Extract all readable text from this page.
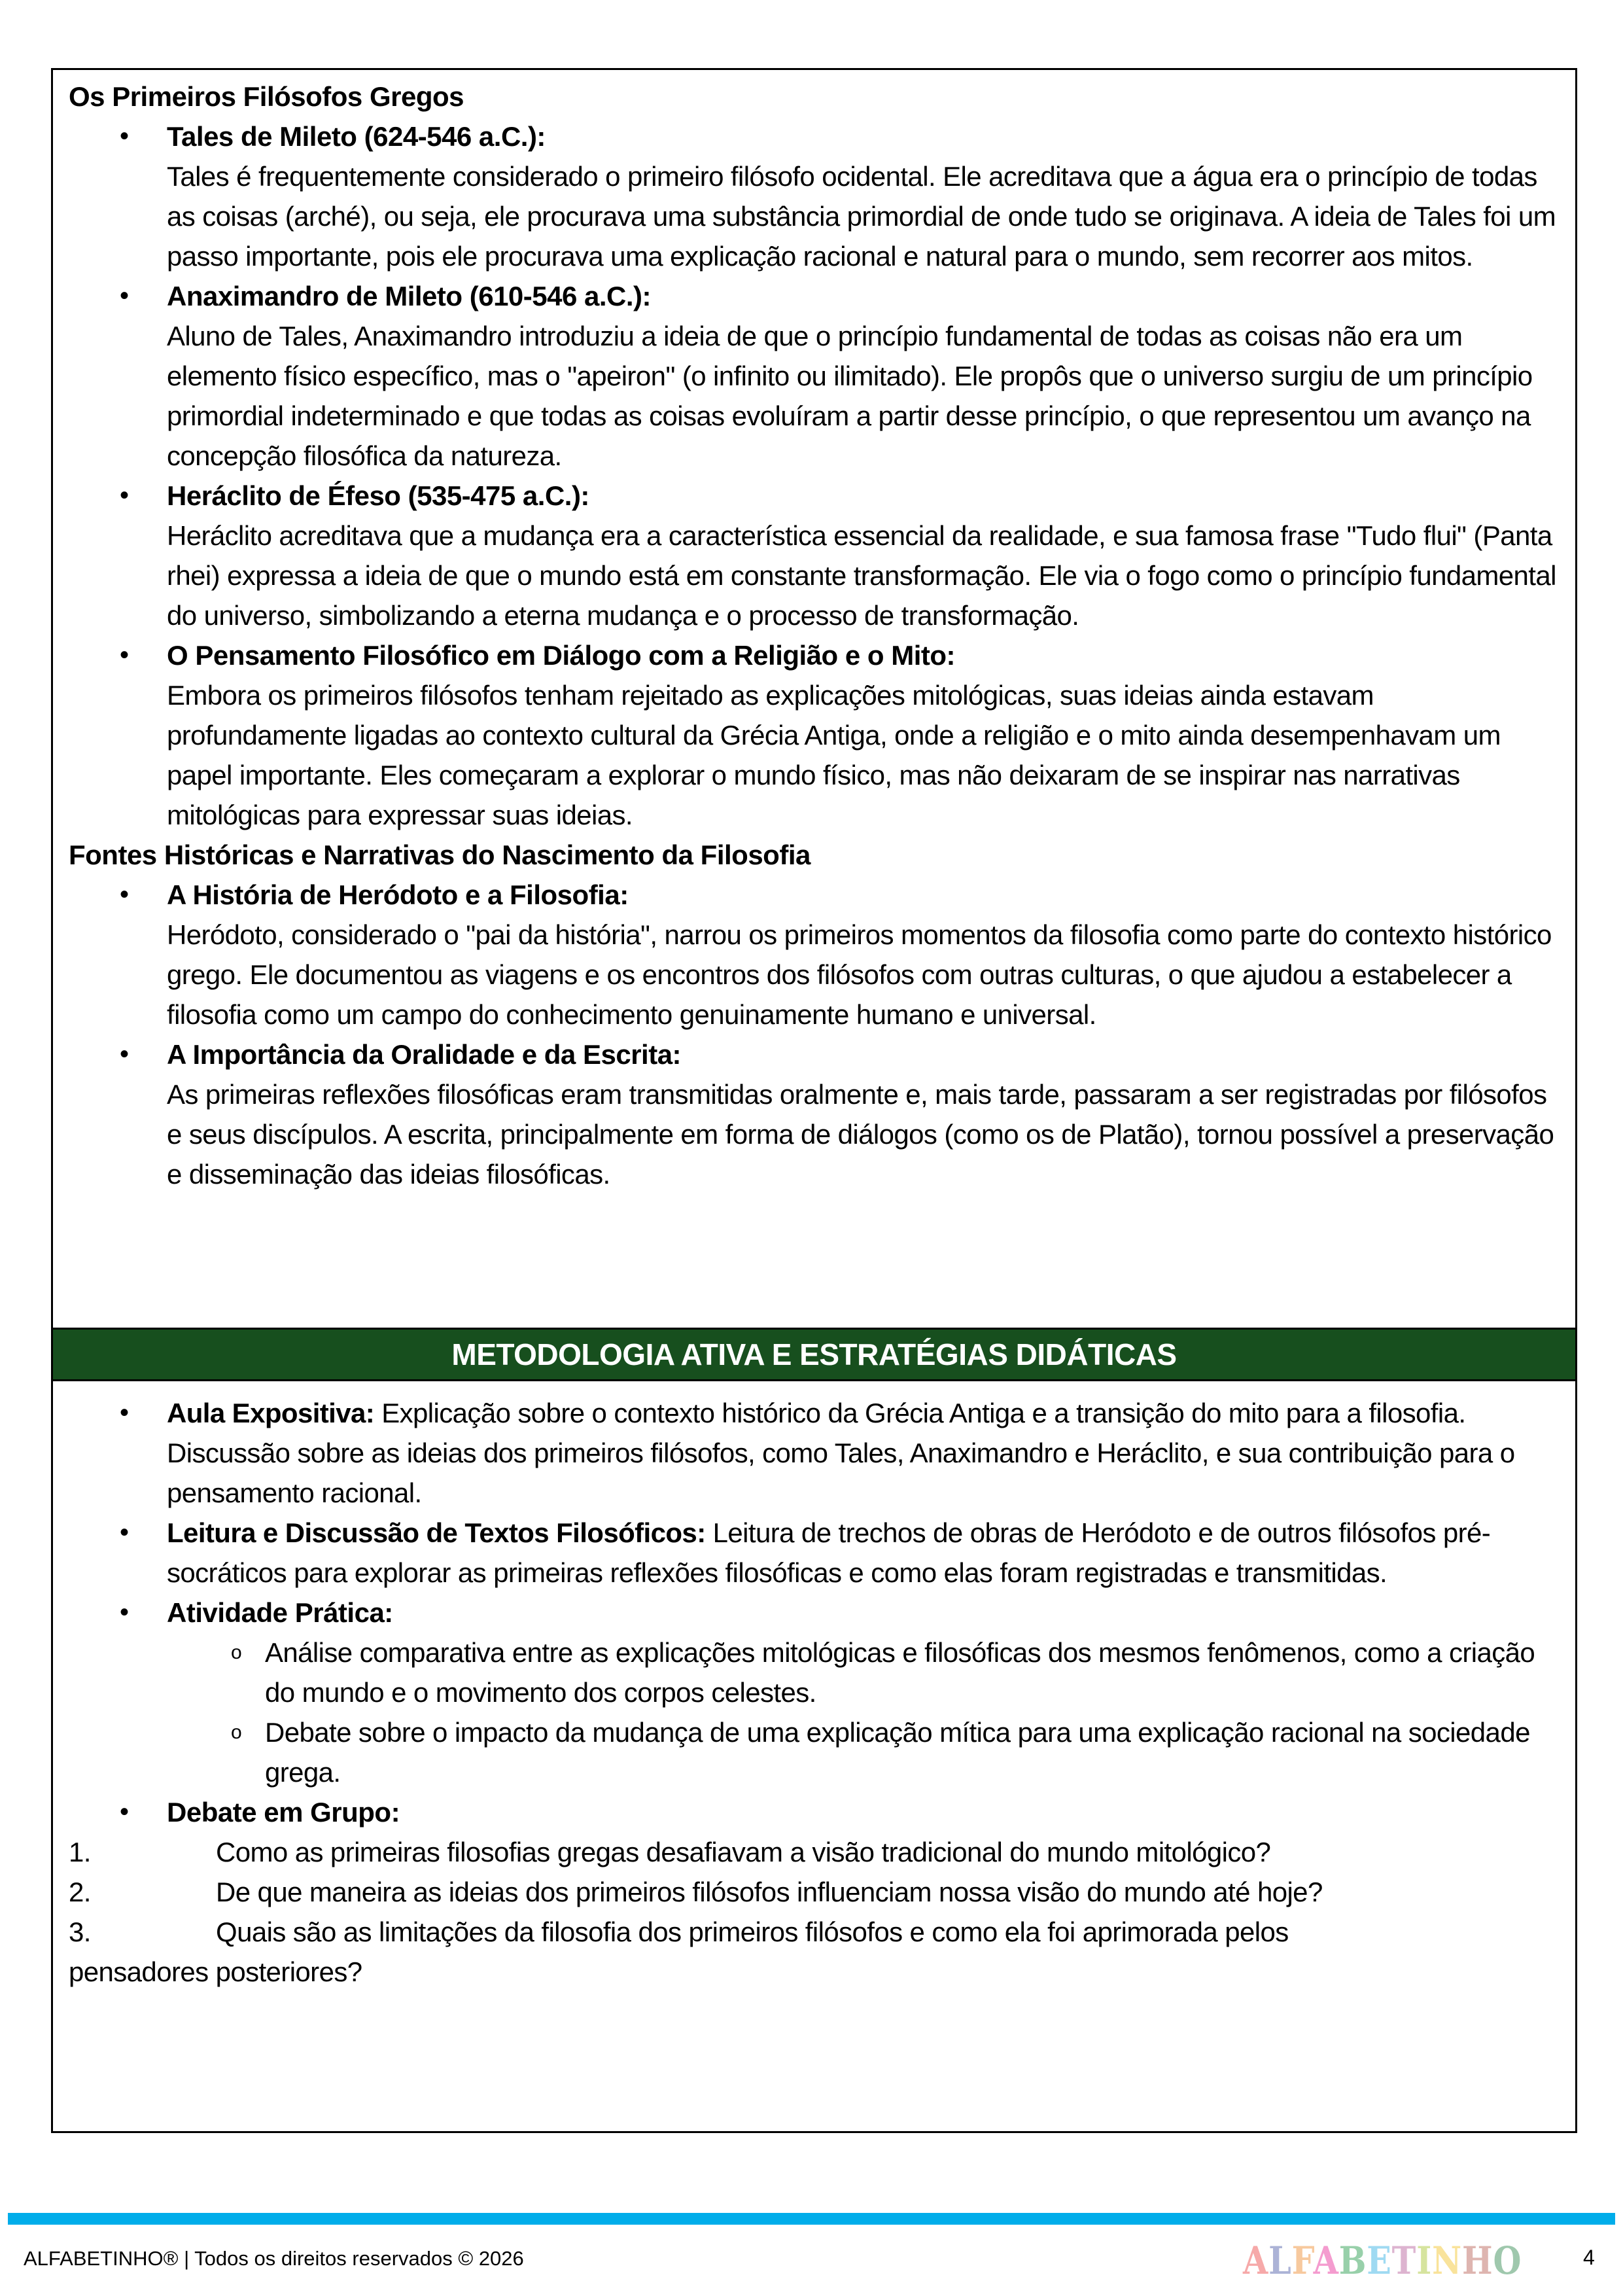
Os Primeiros Filósofos Gregos

• Tales de Mileto (624-546 a.C.):
Tales é frequentemente considerado o primeiro filósofo ocidental. Ele acreditava que a água era o princípio de todas as coisas (arché), ou seja, ele procurava uma substância primordial de onde tudo se originava. A ideia de Tales foi um passo importante, pois ele procurava uma explicação racional e natural para o mundo, sem recorrer aos mitos.
• Anaximandro de Mileto (610-546 a.C.):
Aluno de Tales, Anaximandro introduziu a ideia de que o princípio fundamental de todas as coisas não era um elemento físico específico, mas o "apeiron" (o infinito ou ilimitado). Ele propôs que o universo surgiu de um princípio primordial indeterminado e que todas as coisas evoluíram a partir desse princípio, o que representou um avanço na concepção filosófica da natureza.
• Heráclito de Éfeso (535-475 a.C.):
Heráclito acreditava que a mudança era a característica essencial da realidade, e sua famosa frase "Tudo flui" (Panta rhei) expressa a ideia de que o mundo está em constante transformação. Ele via o fogo como o princípio fundamental do universo, simbolizando a eterna mudança e o processo de transformação.
• O Pensamento Filosófico em Diálogo com a Religião e o Mito:
Embora os primeiros filósofos tenham rejeitado as explicações mitológicas, suas ideias ainda estavam profundamente ligadas ao contexto cultural da Grécia Antiga, onde a religião e o mito ainda desempenhavam um papel importante. Eles começaram a explorar o mundo físico, mas não deixaram de se inspirar nas narrativas mitológicas para expressar suas ideias.

Fontes Históricas e Narrativas do Nascimento da Filosofia

• A História de Heródoto e a Filosofia:
Heródoto, considerado o "pai da história", narrou os primeiros momentos da filosofia como parte do contexto histórico grego. Ele documentou as viagens e os encontros dos filósofos com outras culturas, o que ajudou a estabelecer a filosofia como um campo do conhecimento genuinamente humano e universal.
• A Importância da Oralidade e da Escrita:
As primeiras reflexões filosóficas eram transmitidas oralmente e, mais tarde, passaram a ser registradas por filósofos e seus discípulos. A escrita, principalmente em forma de diálogos (como os de Platão), tornou possível a preservação e disseminação das ideias filosóficas.
METODOLOGIA ATIVA E ESTRATÉGIAS DIDÁTICAS
• Aula Expositiva: Explicação sobre o contexto histórico da Grécia Antiga e a transição do mito para a filosofia. Discussão sobre as ideias dos primeiros filósofos, como Tales, Anaximandro e Heráclito, e sua contribuição para o pensamento racional.
• Leitura e Discussão de Textos Filosóficos: Leitura de trechos de obras de Heródoto e de outros filósofos pré-socráticos para explorar as primeiras reflexões filosóficas e como elas foram registradas e transmitidas.
• Atividade Prática:
o Análise comparativa entre as explicações mitológicas e filosóficas dos mesmos fenômenos, como a criação do mundo e o movimento dos corpos celestes.
o Debate sobre o impacto da mudança de uma explicação mítica para uma explicação racional na sociedade grega.
• Debate em Grupo:
1.	Como as primeiras filosofias gregas desafiavam a visão tradicional do mundo mitológico?
2.	De que maneira as ideias dos primeiros filósofos influenciam nossa visão do mundo até hoje?
3.	Quais são as limitações da filosofia dos primeiros filósofos e como ela foi aprimorada pelos
pensadores posteriores?
ALFABETINHO® | Todos os direitos reservados © 2026	ALFABETINHO	4
